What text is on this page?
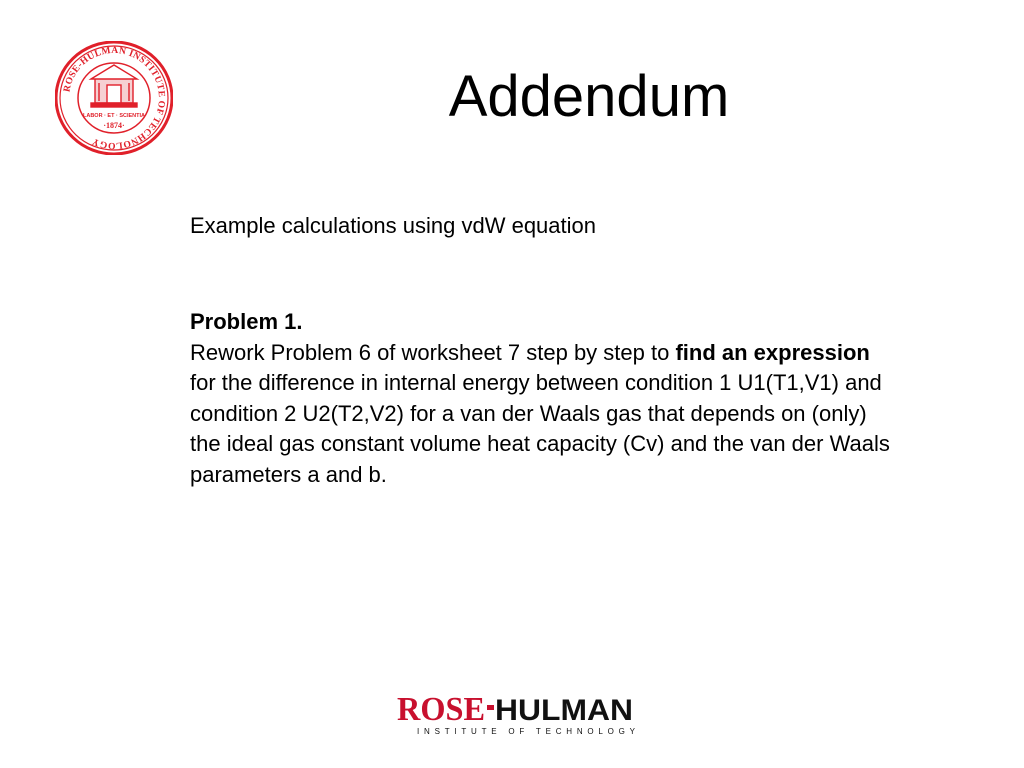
ROSE-HULMAN INSTITUTE OF TECHNOLOGY
LABOR · ET · SCIENTIA
·1874·	Addendum

Example calculations using vdW equation

Problem 1.
Rework Problem 6 of worksheet 7 step by step to find an expression for the difference in internal energy between condition 1 U1(T1,V1) and condition 2 U2(T2,V2) for a van der Waals gas that depends on (only) the ideal gas constant volume heat capacity (Cv) and the van der Waals parameters a and b.
ROSE HULMAN
INSTITUTE OF TECHNOLOGY
